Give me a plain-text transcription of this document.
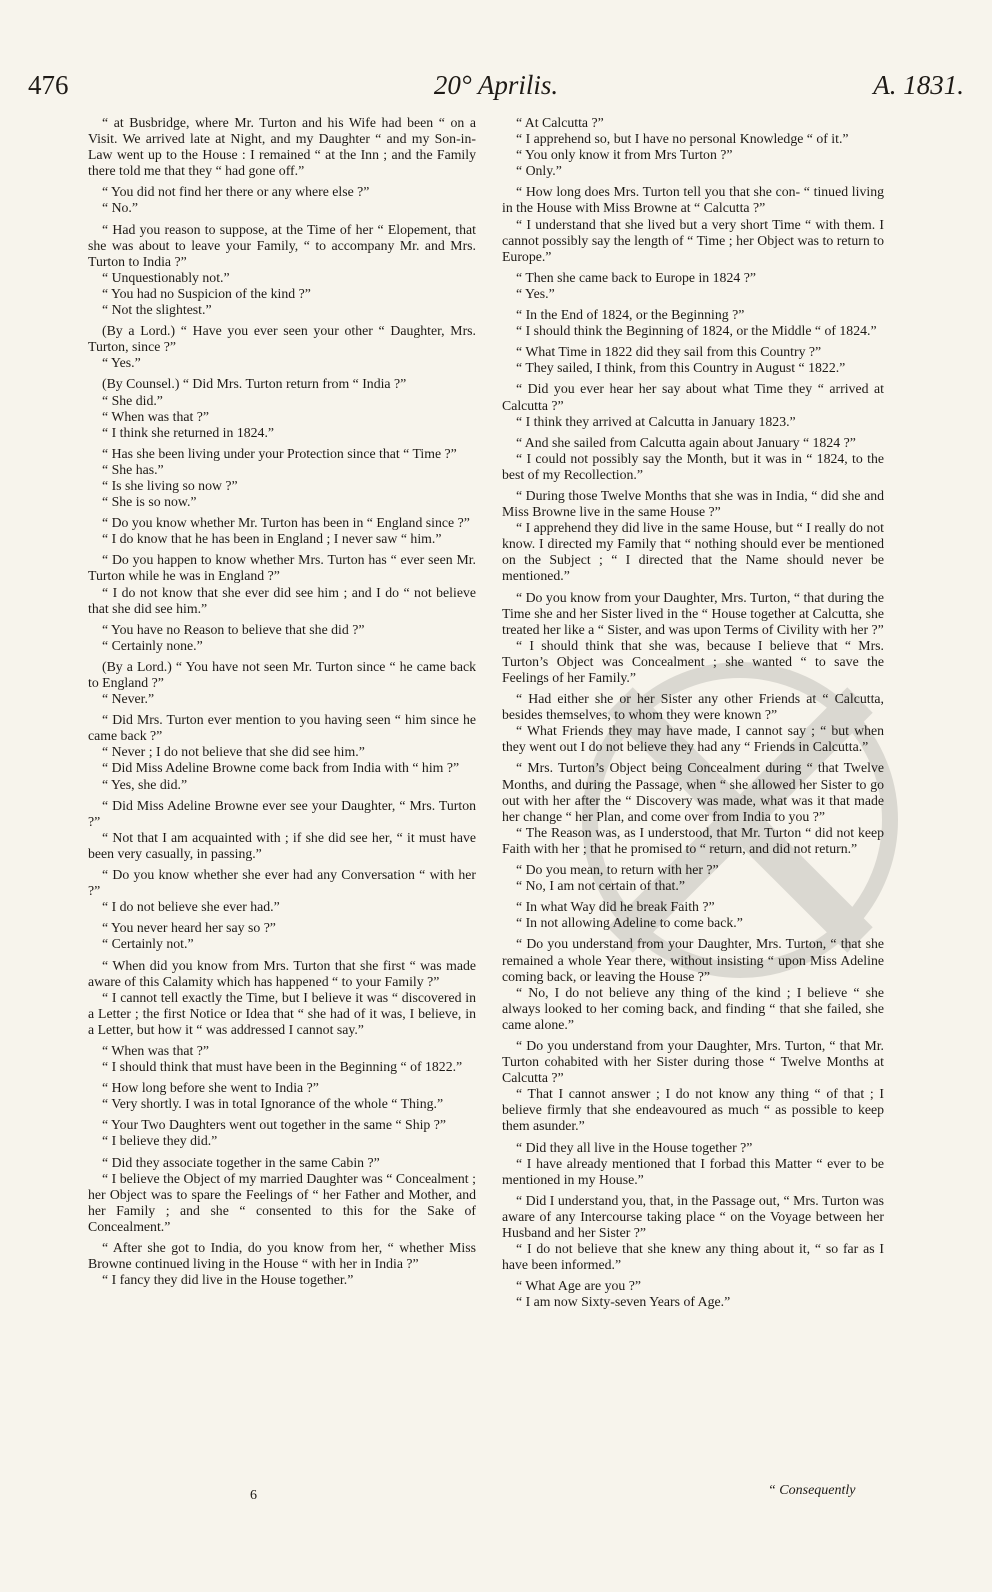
476	20° Aprilis.	A. 1831.

“ at Busbridge, where Mr. Turton and his Wife had been “ on a Visit. We arrived late at Night, and my Daughter “ and my Son-in-Law went up to the House : I remained “ at the Inn ; and the Family there told me that they “ had gone off.”

“ You did not find her there or any where else ?”

“ No.”

“ Had you reason to suppose, at the Time of her “ Elopement, that she was about to leave your Family, “ to accompany Mr. and Mrs. Turton to India ?”

“ Unquestionably not.”

“ You had no Suspicion of the kind ?”

“ Not the slightest.”

(By a Lord.) “ Have you ever seen your other “ Daughter, Mrs. Turton, since ?”

“ Yes.”

(By Counsel.) “ Did Mrs. Turton return from “ India ?”

“ She did.”

“ When was that ?”

“ I think she returned in 1824.”

“ Has she been living under your Protection since that “ Time ?”

“ She has.”

“ Is she living so now ?”

“ She is so now.”

“ Do you know whether Mr. Turton has been in “ England since ?”

“ I do know that he has been in England ; I never saw “ him.”

“ Do you happen to know whether Mrs. Turton has “ ever seen Mr. Turton while he was in England ?”

“ I do not know that she ever did see him ; and I do “ not believe that she did see him.”

“ You have no Reason to believe that she did ?”

“ Certainly none.”

(By a Lord.) “ You have not seen Mr. Turton since “ he came back to England ?”

“ Never.”

“ Did Mrs. Turton ever mention to you having seen “ him since he came back ?”

“ Never ; I do not believe that she did see him.”

“ Did Miss Adeline Browne come back from India with “ him ?”

“ Yes, she did.”

“ Did Miss Adeline Browne ever see your Daughter, “ Mrs. Turton ?”

“ Not that I am acquainted with ; if she did see her, “ it must have been very casually, in passing.”

“ Do you know whether she ever had any Conversation “ with her ?”

“ I do not believe she ever had.”

“ You never heard her say so ?”

“ Certainly not.”

“ When did you know from Mrs. Turton that she first “ was made aware of this Calamity which has happened “ to your Family ?”

“ I cannot tell exactly the Time, but I believe it was “ discovered in a Letter ; the first Notice or Idea that “ she had of it was, I believe, in a Letter, but how it “ was addressed I cannot say.”

“ When was that ?”

“ I should think that must have been in the Beginning “ of 1822.”

“ How long before she went to India ?”

“ Very shortly. I was in total Ignorance of the whole “ Thing.”

“ Your Two Daughters went out together in the same “ Ship ?”

“ I believe they did.”

“ Did they associate together in the same Cabin ?”

“ I believe the Object of my married Daughter was “ Concealment ; her Object was to spare the Feelings of “ her Father and Mother, and her Family ; and she “ consented to this for the Sake of Concealment.”

“ After she got to India, do you know from her, “ whether Miss Browne continued living in the House “ with her in India ?”

“ I fancy they did live in the House together.”

“ At Calcutta ?”

“ I apprehend so, but I have no personal Knowledge “ of it.”

“ You only know it from Mrs Turton ?”

“ Only.”

“ How long does Mrs. Turton tell you that she con- “ tinued living in the House with Miss Browne at “ Calcutta ?”

“ I understand that she lived but a very short Time “ with them. I cannot possibly say the length of “ Time ; her Object was to return to Europe.”

“ Then she came back to Europe in 1824 ?”

“ Yes.”

“ In the End of 1824, or the Beginning ?”

“ I should think the Beginning of 1824, or the Middle “ of 1824.”

“ What Time in 1822 did they sail from this Country ?”

“ They sailed, I think, from this Country in August “ 1822.”

“ Did you ever hear her say about what Time they “ arrived at Calcutta ?”

“ I think they arrived at Calcutta in January 1823.”

“ And she sailed from Calcutta again about January “ 1824 ?”

“ I could not possibly say the Month, but it was in “ 1824, to the best of my Recollection.”

“ During those Twelve Months that she was in India, “ did she and Miss Browne live in the same House ?”

“ I apprehend they did live in the same House, but “ I really do not know. I directed my Family that “ nothing should ever be mentioned on the Subject ; “ I directed that the Name should never be mentioned.”

“ Do you know from your Daughter, Mrs. Turton, “ that during the Time she and her Sister lived in the “ House together at Calcutta, she treated her like a “ Sister, and was upon Terms of Civility with her ?”

“ I should think that she was, because I believe that “ Mrs. Turton’s Object was Concealment ; she wanted “ to save the Feelings of her Family.”

“ Had either she or her Sister any other Friends at “ Calcutta, besides themselves, to whom they were known ?”

“ What Friends they may have made, I cannot say ; “ but when they went out I do not believe they had any “ Friends in Calcutta.”

“ Mrs. Turton’s Object being Concealment during “ that Twelve Months, and during the Passage, when “ she allowed her Sister to go out with her after the “ Discovery was made, what was it that made her change “ her Plan, and come over from India to you ?”

“ The Reason was, as I understood, that Mr. Turton “ did not keep Faith with her ; that he promised to “ return, and did not return.”

“ Do you mean, to return with her ?”

“ No, I am not certain of that.”

“ In what Way did he break Faith ?”

“ In not allowing Adeline to come back.”

“ Do you understand from your Daughter, Mrs. Turton, “ that she remained a whole Year there, without insisting “ upon Miss Adeline coming back, or leaving the House ?”

“ No, I do not believe any thing of the kind ; I believe “ she always looked to her coming back, and finding “ that she failed, she came alone.”

“ Do you understand from your Daughter, Mrs. Turton, “ that Mr. Turton cohabited with her Sister during those “ Twelve Months at Calcutta ?”

“ That I cannot answer ; I do not know any thing “ of that ; I believe firmly that she endeavoured as much “ as possible to keep them asunder.”

“ Did they all live in the House together ?”

“ I have already mentioned that I forbad this Matter “ ever to be mentioned in my House.”

“ Did I understand you, that, in the Passage out, “ Mrs. Turton was aware of any Intercourse taking place “ on the Voyage between her Husband and her Sister ?”

“ I do not believe that she knew any thing about it, “ so far as I have been informed.”

“ What Age are you ?”

“ I am now Sixty-seven Years of Age.”

6	“ Consequently
